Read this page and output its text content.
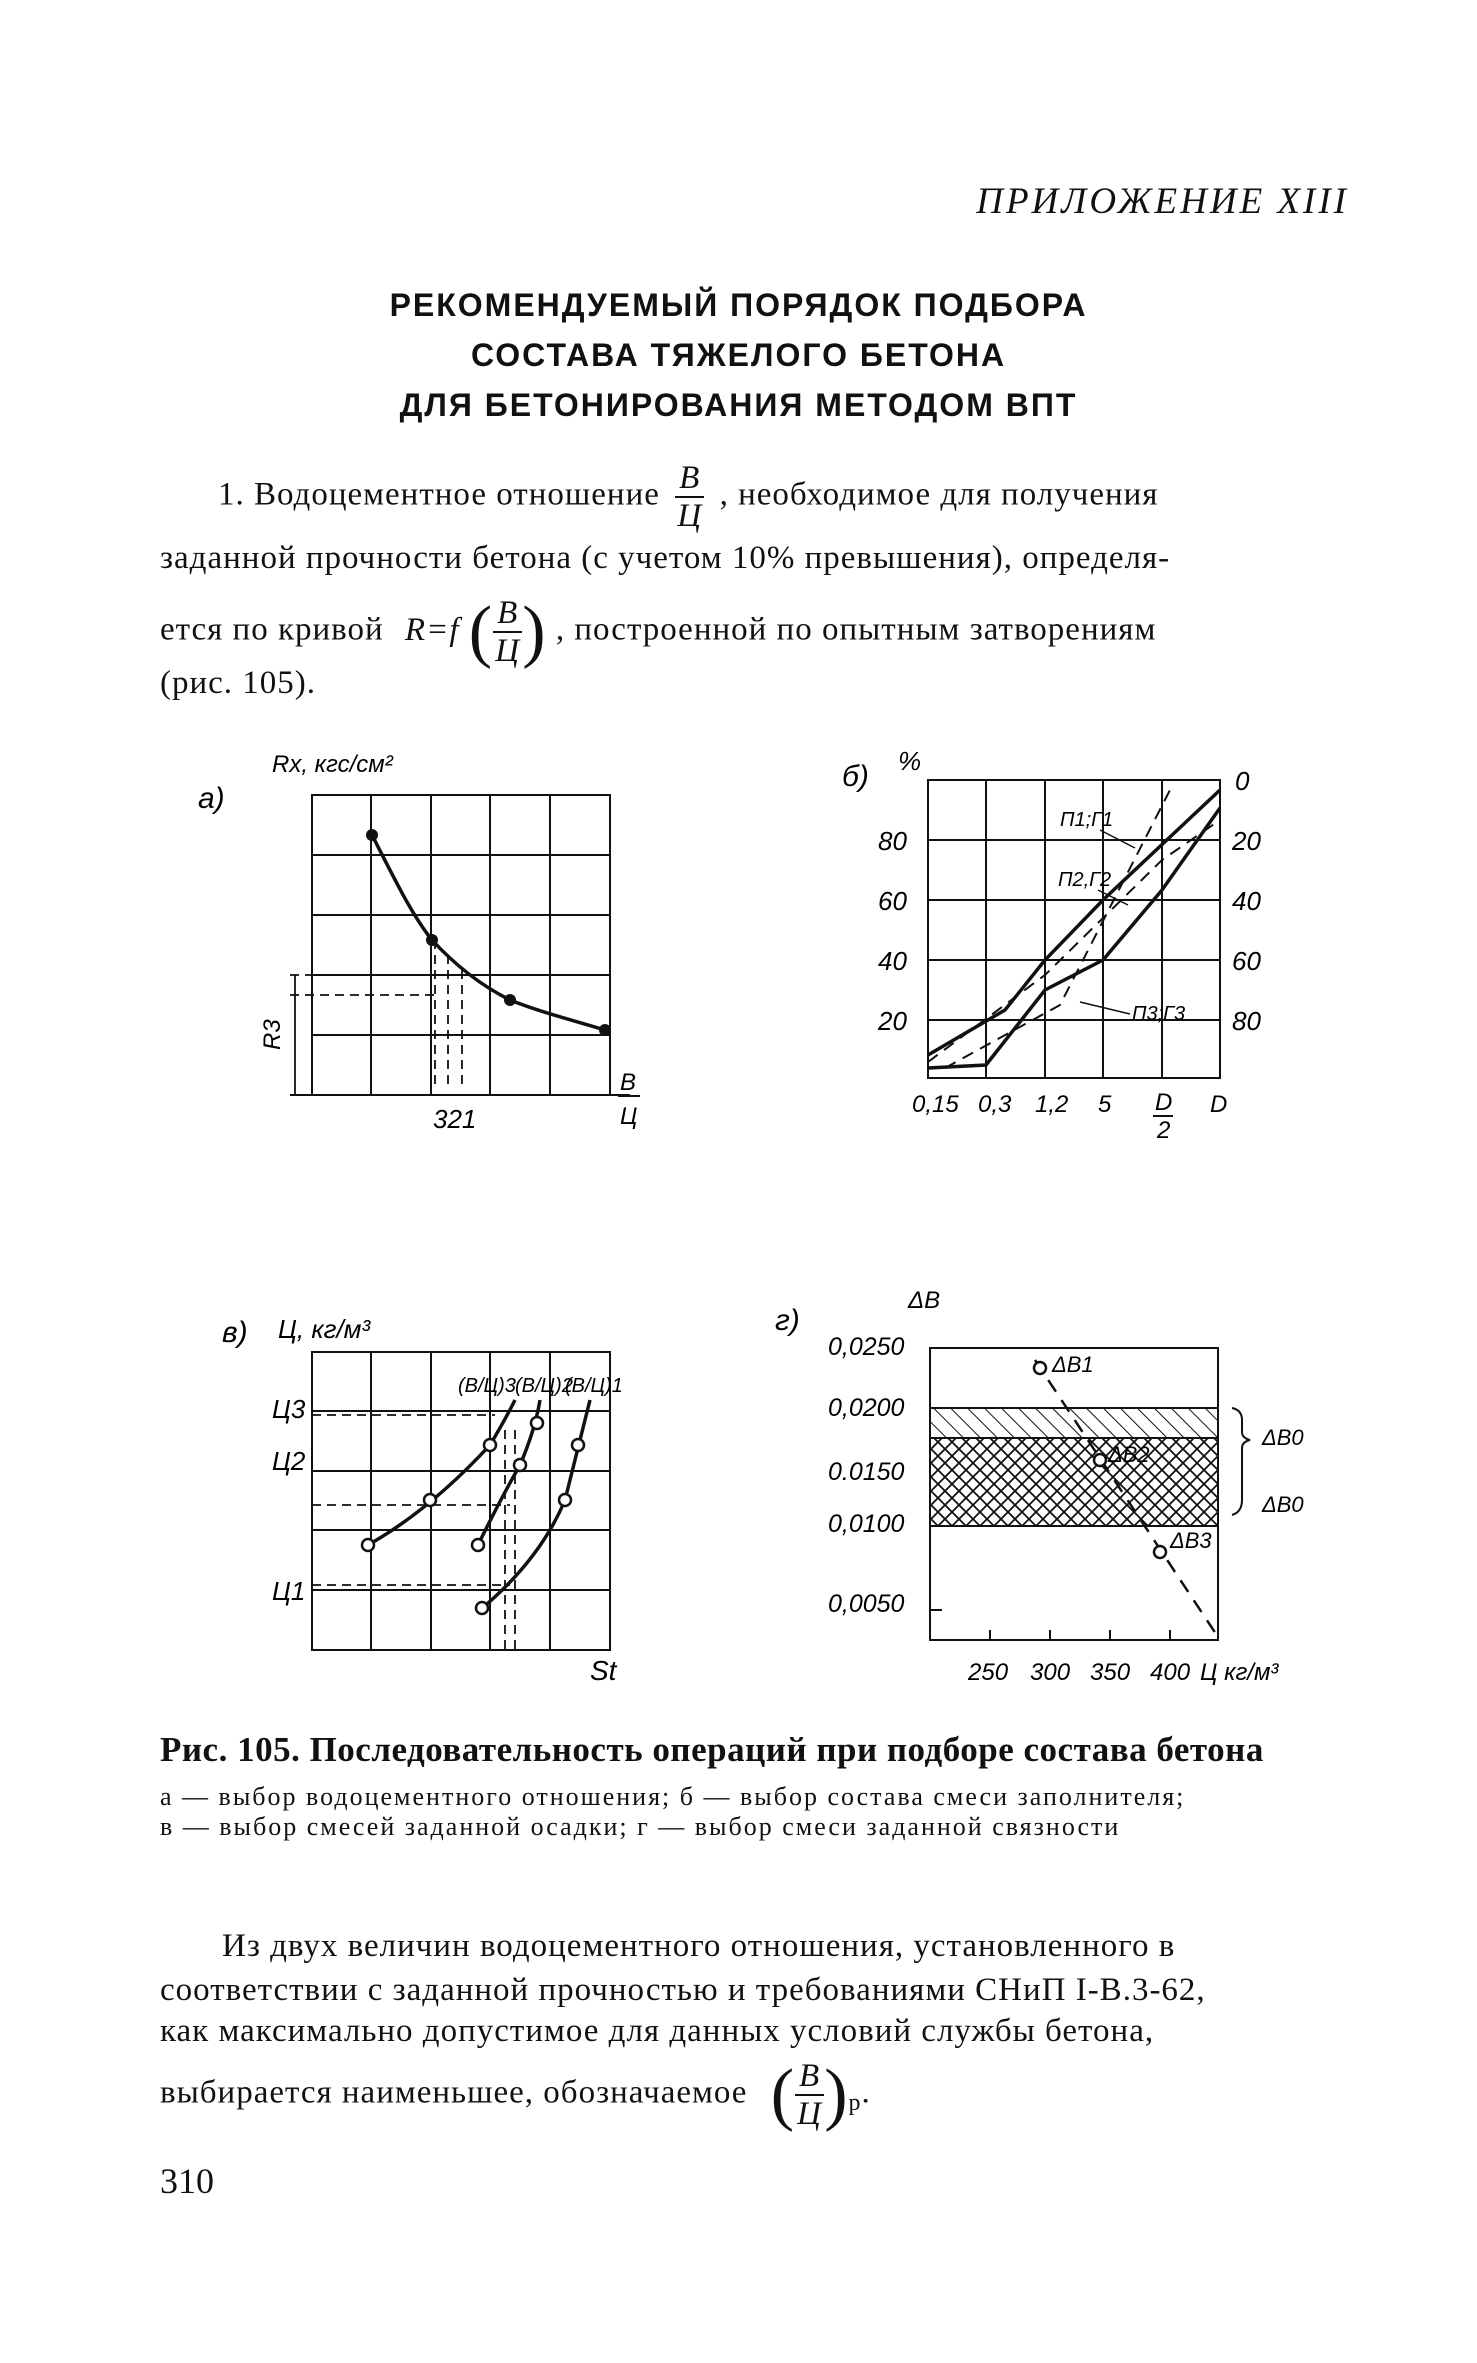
ПРИЛОЖЕНИЕ XIII
РЕКОМЕНДУЕМЫЙ ПОРЯДОК ПОДБОРА
СОСТАВА ТЯЖЕЛОГО БЕТОНА
ДЛЯ БЕТОНИРОВАНИЯ МЕТОДОМ ВПТ
1. Водоцементное отношение $\frac{В}{Ц}$ , необходимое для получения
заданной прочности бетона (с учетом 10% превышения), определя-
ется по кривой R=f ( $\frac{В}{Ц}$ ) , построенной по опытным затворениям
(рис. 105).
а)
Rx, кгс/см²
R3
321
В
Ц
б) %
80
60
40
20
0
20
40
60
80
П1;Г1
П2,Г2
П3;Г3
0,15 0,3 1,2 5 D
2
D
в) Ц, кг/м³
Ц3
Ц2
Ц1
(В/Ц)3 (В/Ц)2
(В/Ц)1
St
г)
ΔВ
0,0250
0,0200
0.0150
0,0100
0,0050
ΔВ1
ΔВ2
ΔВ3
ΔВ0
ΔВ0
250 300 350 400 Ц кг/м³
Рис. 105. Последовательность операций при подборе состава бетона
а — выбор водоцементного отношения; б — выбор состава смеси заполнителя;
в — выбор смесей заданной осадки; г — выбор смеси заданной связности
Из двух величин водоцементного отношения, установленного в
соответствии с заданной прочностью и требованиями СНиП I-В.3-62,
как максимально допустимое для данных условий службы бетона,
выбирается наименьшее, обозначаемое ( $\frac{В}{Ц} )_р$.
310
